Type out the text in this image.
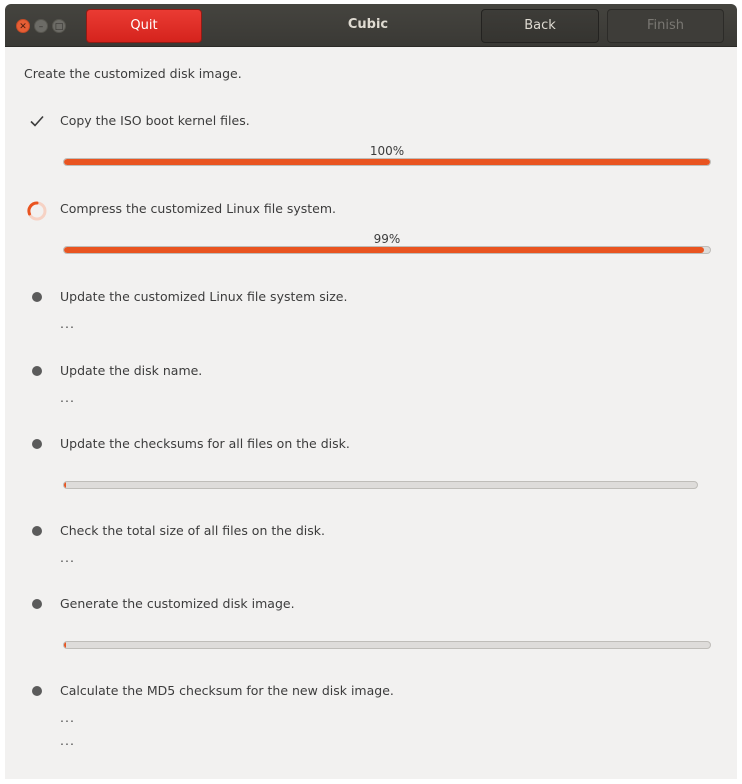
✕	–	□	Quit	Cubic	Back	Finish
Create the customized disk image.
Copy the ISO boot kernel files.
100%
Compress the customized Linux file system.
99%
Update the customized Linux file system size.
...
Update the disk name.
...
Update the checksums for all files on the disk.
Check the total size of all files on the disk.
...
Generate the customized disk image.
Calculate the MD5 checksum for the new disk image.
...
...
